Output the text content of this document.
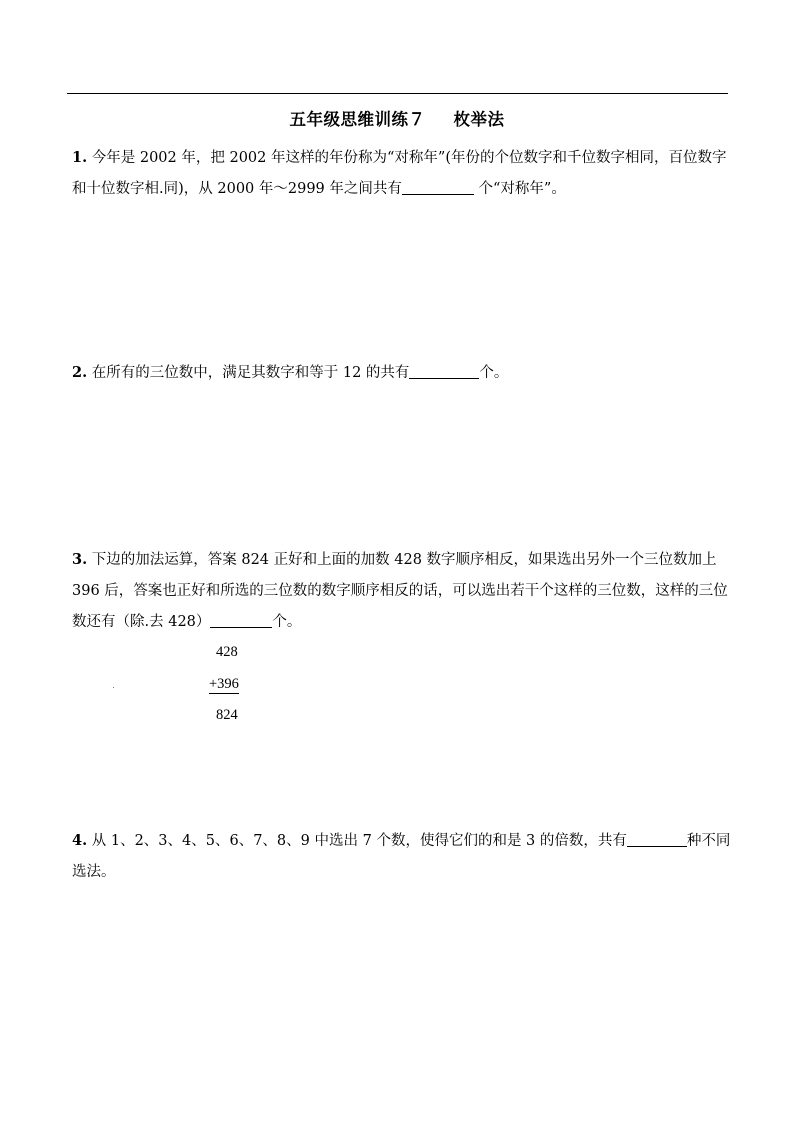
五年级思维训练７ 枚举法
1. 今年是 2002 年，把 2002 年这样的年份称为“对称年”(年份的个位数字和千位数字相同，百位数字和十位数字相.同)，从 2000 年～2999 年之间共有	个“对称年”。
2. 在所有的三位数中，满足其数字和等于 12 的共有	个。
3. 下边的加法运算，答案 824 正好和上面的加数 428 数字顺序相反，如果选出另外一个三位数加上 396 后，答案也正好和所选的三位数的数字顺序相反的话，可以选出若干个这样的三位数，这样的三位数还有（除.去 428）	个。
428
+396
824
4. 从 1、2、3、4、5、6、7、8、9 中选出 7 个数，使得它们的和是 3 的倍数，共有	种不同选法。
